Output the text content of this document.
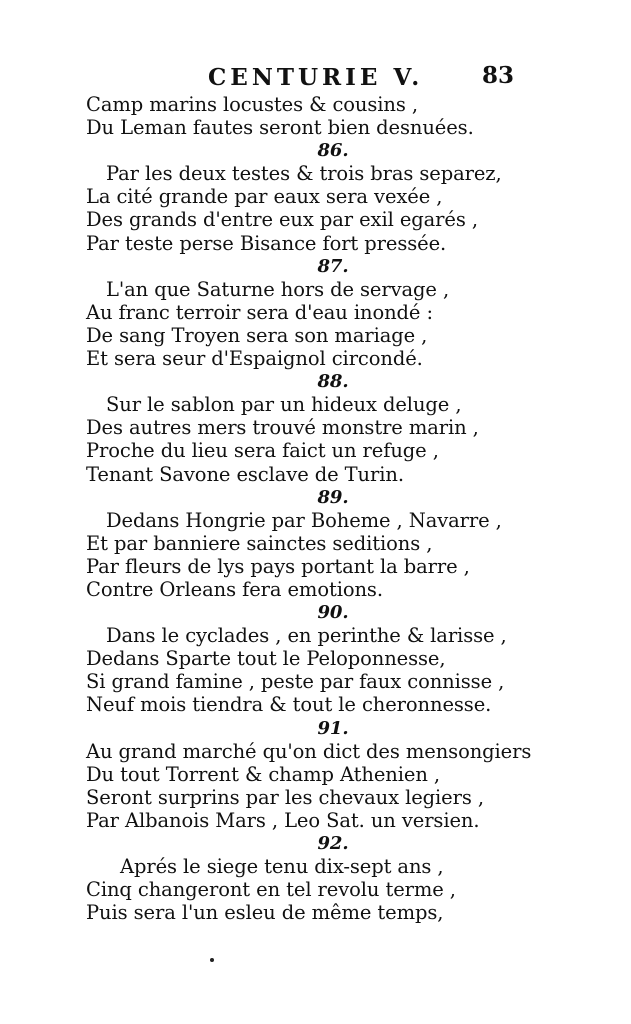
CENTURIE V.	83
Camp marins locustes & cousins ,
Du Leman fautes seront bien desnuées.
86.
Par les deux testes & trois bras separez,
La cité grande par eaux sera vexée ,
Des grands d'entre eux par exil egarés ,
Par teste perse Bisance fort pressée.
87.
L'an que Saturne hors de servage ,
Au franc terroir sera d'eau inondé :
De sang Troyen sera son mariage ,
Et sera seur d'Espaignol circondé.
88.
Sur le sablon par un hideux deluge ,
Des autres mers trouvé monstre marin ,
Proche du lieu sera faict un refuge ,
Tenant Savone esclave de Turin.
89.
Dedans Hongrie par Boheme , Navarre ,
Et par banniere sainctes seditions ,
Par fleurs de lys pays portant la barre ,
Contre Orleans fera emotions.
90.
Dans le cyclades , en perinthe & larisse ,
Dedans Sparte tout le Peloponnesse,
Si grand famine , peste par faux connisse ,
Neuf mois tiendra & tout le cheronnesse.
91.
Au grand marché qu'on dict des mensongiers
Du tout Torrent & champ Athenien ,
Seront surprins par les chevaux legiers ,
Par Albanois Mars , Leo Sat. un versien.
92.
Aprés le siege tenu dix-sept ans ,
Cinq changeront en tel revolu terme ,
Puis sera l'un esleu de même temps,
